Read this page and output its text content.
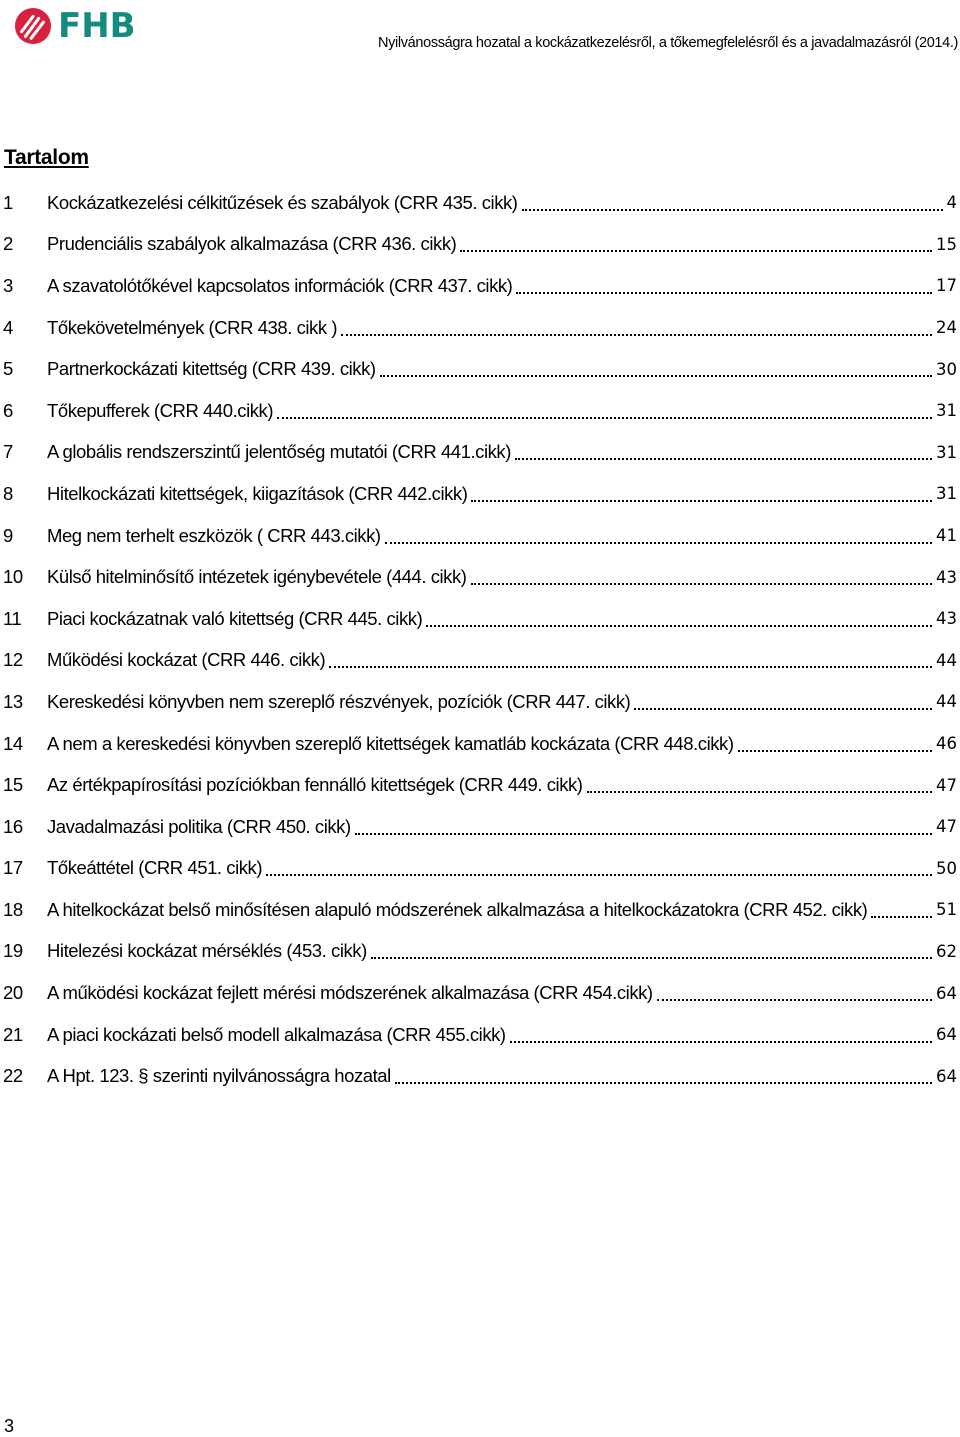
FHB	Nyilvánosságra hozatal a kockázatkezelésről, a tőkemegfelelésről és a javadalmazásról (2014.)
Tartalom
1	Kockázatkezelési célkitűzések és szabályok (CRR 435. cikk)	4
2	Prudenciális szabályok alkalmazása (CRR 436. cikk)	15
3	A szavatolótőkével kapcsolatos információk (CRR 437. cikk)	17
4	Tőkekövetelmények (CRR 438. cikk )	24
5	Partnerkockázati kitettség (CRR 439. cikk)	30
6	Tőkepufferek (CRR 440.cikk)	31
7	A globális rendszerszintű jelentőség mutatói (CRR 441.cikk)	31
8	Hitelkockázati kitettségek, kiigazítások (CRR 442.cikk)	31
9	Meg nem terhelt eszközök ( CRR 443.cikk)	41
10	Külső hitelminősítő intézetek igénybevétele (444. cikk)	43
11	Piaci kockázatnak való kitettség (CRR 445. cikk)	43
12	Működési kockázat (CRR 446. cikk)	44
13	Kereskedési könyvben nem szereplő részvények, pozíciók (CRR 447. cikk)	44
14	A nem a kereskedési könyvben szereplő kitettségek kamatláb kockázata (CRR 448.cikk)	46
15	Az értékpapírosítási pozíciókban fennálló kitettségek (CRR 449. cikk)	47
16	Javadalmazási politika (CRR 450. cikk)	47
17	Tőkeáttétel (CRR 451. cikk)	50
18	A hitelkockázat belső minősítésen alapuló módszerének alkalmazása a hitelkockázatokra (CRR 452. cikk)	51
19	Hitelezési kockázat mérséklés (453. cikk)	62
20	A működési kockázat fejlett mérési módszerének alkalmazása (CRR 454.cikk)	64
21	A piaci kockázati belső modell alkalmazása (CRR 455.cikk)	64
22	A Hpt. 123. § szerinti nyilvánosságra hozatal	64
3
